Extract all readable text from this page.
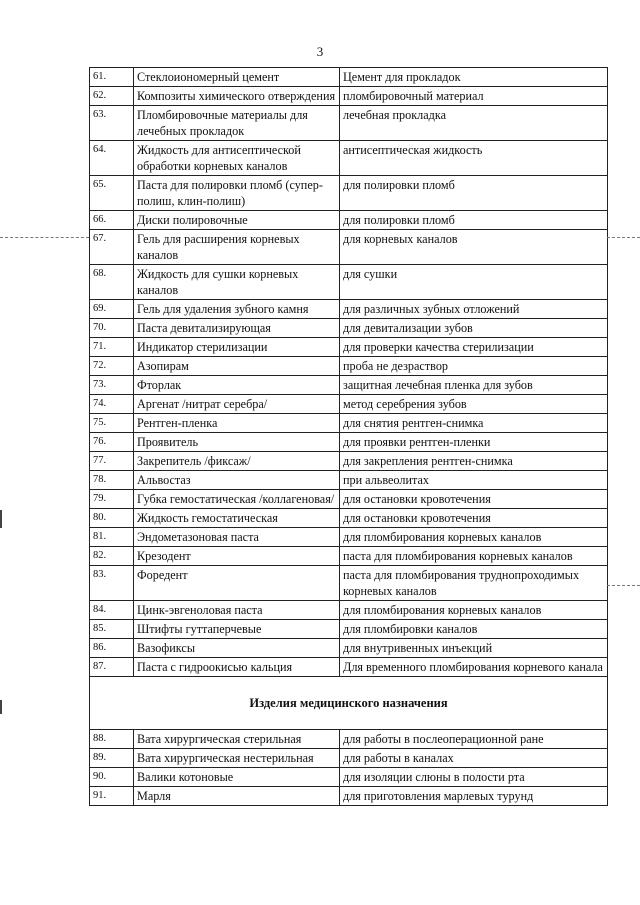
3
61.	Стеклоиономерный цемент	Цемент для прокладок
62.	Композиты химического отверждения	пломбировочный материал
63.	Пломбировочные материалы для лечебных прокладок	лечебная прокладка
64.	Жидкость для антисептической обработки корневых каналов	антисептическая жидкость
65.	Паста для полировки пломб (супер-полиш, клин-полиш)	для полировки пломб
66.	Диски полировочные	для полировки пломб
67.	Гель для расширения корневых каналов	для корневых каналов
68.	Жидкость для сушки корневых каналов	для сушки
69.	Гель для удаления зубного камня	для различных зубных отложений
70.	Паста девитализирующая	для девитализации зубов
71.	Индикатор стерилизации	для проверки качества стерилизации
72.	Азопирам	проба не дезраствор
73.	Фторлак	защитная лечебная пленка для зубов
74.	Аргенат /нитрат серебра/	метод серебрения зубов
75.	Рентген-пленка	для снятия рентген-снимка
76.	Проявитель	для проявки рентген-пленки
77.	Закрепитель /фиксаж/	для закрепления рентген-снимка
78.	Альвостаз	при альвеолитах
79.	Губка гемостатическая /коллагеновая/	для остановки кровотечения
80.	Жидкость гемостатическая	для остановки кровотечения
81.	Эндометазоновая паста	для пломбирования корневых каналов
82.	Крезодент	паста для пломбирования корневых каналов
83.	Форедент	паста для пломбирования труднопроходимых корневых каналов
84.	Цинк-эвгеноловая паста	для пломбирования корневых каналов
85.	Штифты гуттаперчевые	для пломбировки каналов
86.	Вазофиксы	для внутривенных инъекций
87.	Паста с гидроокисью кальция	Для временного пломбирования корневого канала
Изделия медицинского назначения		
88.	Вата хирургическая стерильная	для работы в послеоперационной ране
89.	Вата хирургическая нестерильная	для работы в каналах
90.	Валики котоновые	для изоляции слюны в полости рта
91.	Марля	для приготовления марлевых турунд
